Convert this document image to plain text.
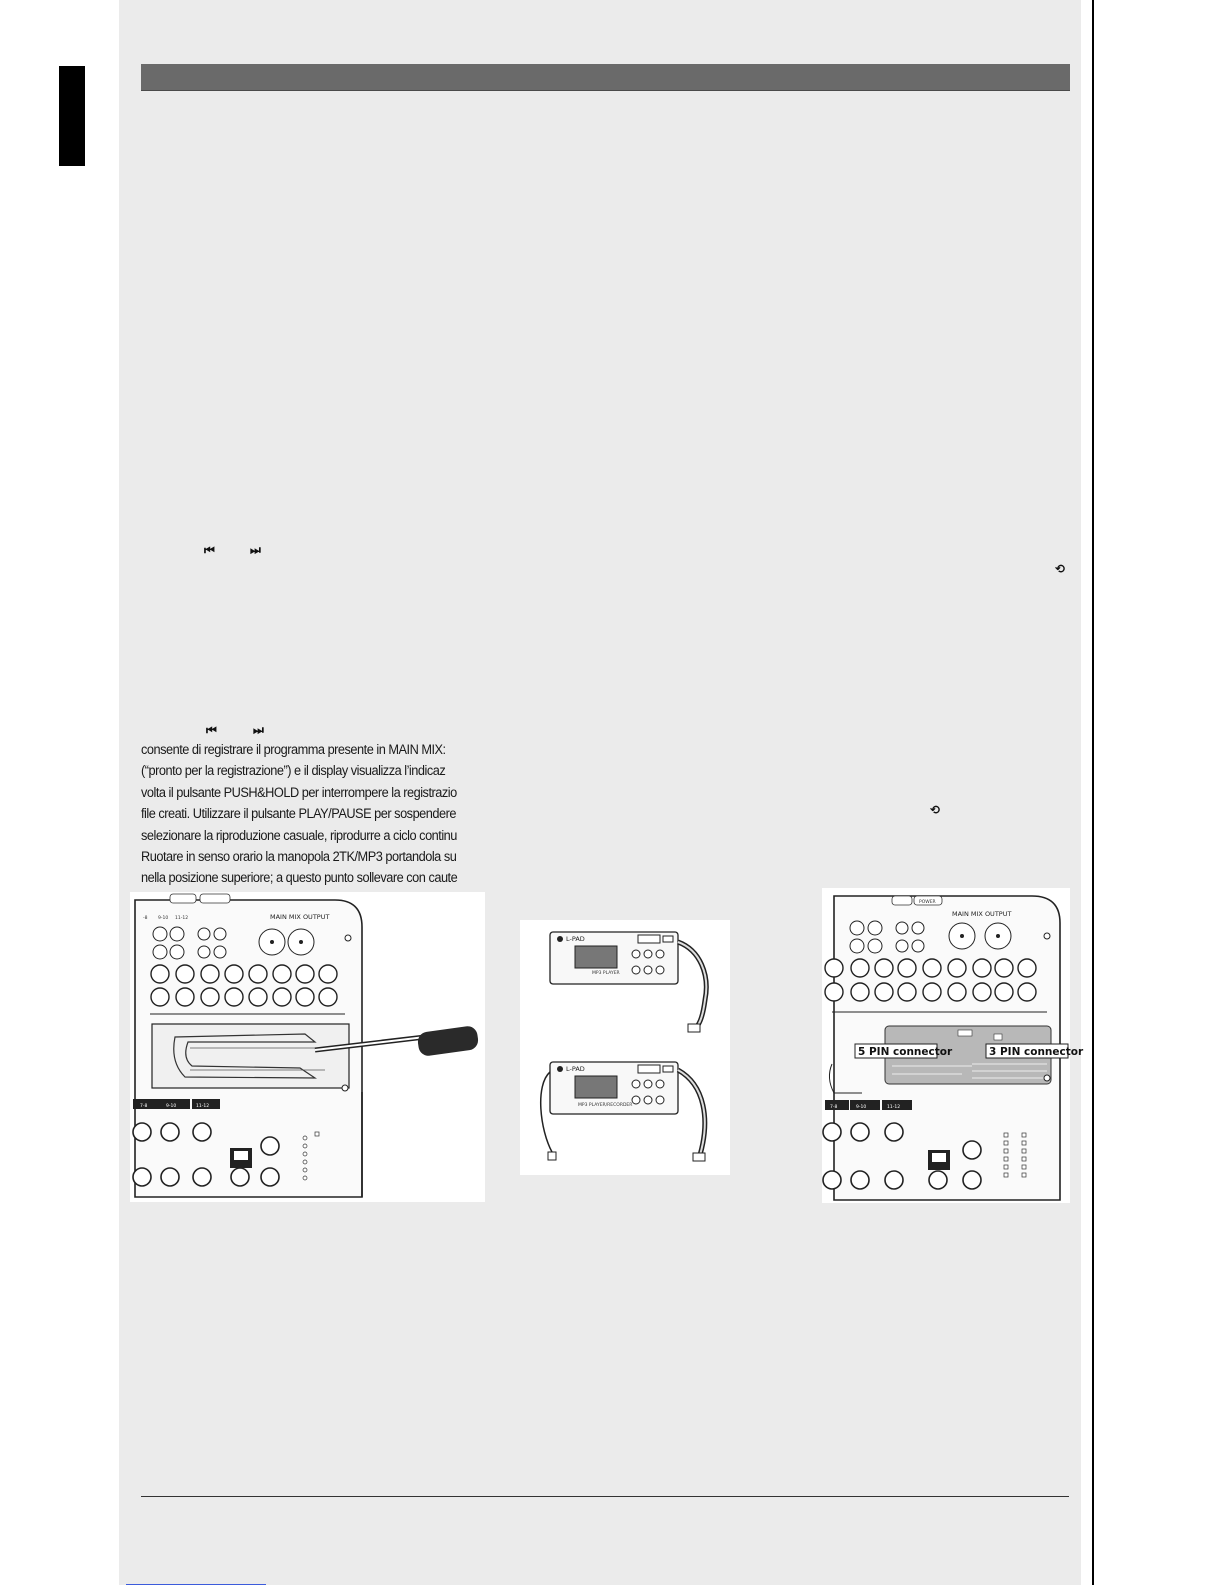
⏮	⏭
⟲
⏮	⏭
⟲
consente di registrare il programma presente in MAIN MIX:
(“pronto per la registrazione”) e il display visualizza l’indicaz
volta il pulsante PUSH&HOLD per interrompere la registrazio
file creati. Utilizzare il pulsante PLAY/PAUSE per sospendere
selezionare la riproduzione casuale, riprodurre a ciclo continu
Ruotare in senso orario la manopola 2TK/MP3 portandola su
nella posizione superiore; a questo punto sollevare con caute
MAIN MIX OUTPUT
-8 9-10 11-12
7-8	9-10	11-12
L-PAD
MP3 PLAYER
L-PAD
MP3 PLAYER/RECORDER
POWER
MAIN MIX OUTPUT
5 PIN connector	3 PIN connector
7-8	9-10	11-12
